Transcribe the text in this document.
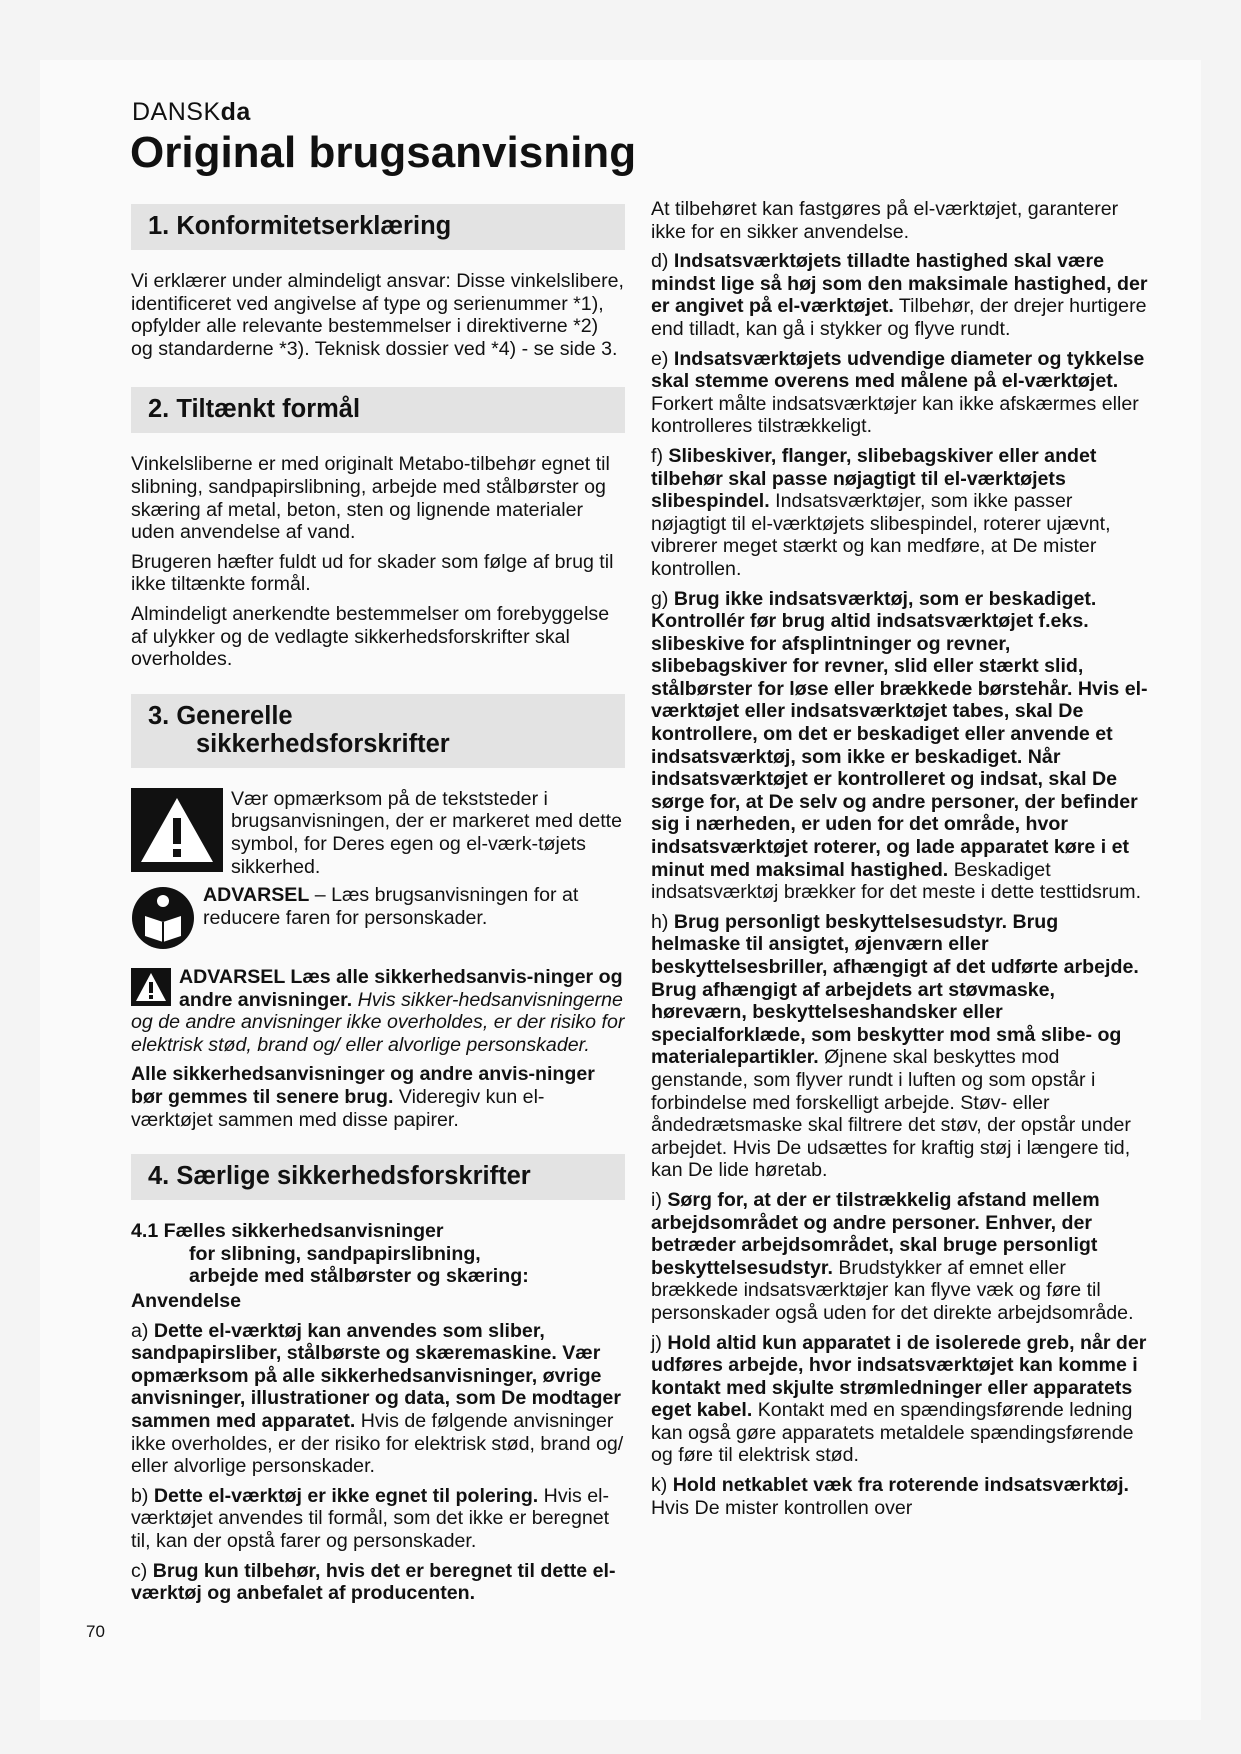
DANSKda
Original brugsanvisning
1. Konformitetserklæring

Vi erklærer under almindeligt ansvar: Disse vinkelslibere, identificeret ved angivelse af type og serienummer *1), opfylder alle relevante bestemmelser i direktiverne *2) og standarderne *3). Teknisk dossier ved *4) - se side 3.

2. Tiltænkt formål

Vinkelsliberne er med originalt Metabo-tilbehør egnet til slibning, sandpapirslibning, arbejde med stålbørster og skæring af metal, beton, sten og lignende materialer uden anvendelse af vand.

Brugeren hæfter fuldt ud for skader som følge af brug til ikke tiltænkte formål.

Almindeligt anerkendte bestemmelser om forebyggelse af ulykker og de vedlagte sikkerhedsforskrifter skal overholdes.

3. Generelle
sikkerhedsforskrifter
Vær opmærksom på de tekststeder i brugsanvisningen, der er markeret med dette symbol, for Deres egen og el-værk-tøjets sikkerhed.
ADVARSEL – Læs brugsanvisningen for at reducere faren for personskader.

ADVARSEL Læs alle sikkerhedsanvis-ninger og andre anvisninger. Hvis sikker-hedsanvisningerne og de andre anvisninger ikke overholdes, er der risiko for elektrisk stød, brand og/ eller alvorlige personskader.

Alle sikkerhedsanvisninger og andre anvis-ninger bør gemmes til senere brug. Videregiv kun el-værktøjet sammen med disse papirer.

4. Særlige sikkerhedsforskrifter
4.1 Fælles sikkerhedsanvisninger
for slibning, sandpapirslibning,
arbejde med stålbørster og skæring:

Anvendelse

a) Dette el-værktøj kan anvendes som sliber, sandpapirsliber, stålbørste og skæremaskine. Vær opmærksom på alle sikkerhedsanvisninger, øvrige anvisninger, illustrationer og data, som De modtager sammen med apparatet. Hvis de følgende anvisninger ikke overholdes, er der risiko for elektrisk stød, brand og/ eller alvorlige personskader.

b) Dette el-værktøj er ikke egnet til polering. Hvis el-værktøjet anvendes til formål, som det ikke er beregnet til, kan der opstå farer og personskader.

c) Brug kun tilbehør, hvis det er beregnet til dette el-værktøj og anbefalet af producenten.

At tilbehøret kan fastgøres på el-værktøjet, garanterer ikke for en sikker anvendelse.

d) Indsatsværktøjets tilladte hastighed skal være mindst lige så høj som den maksimale hastighed, der er angivet på el-værktøjet. Tilbehør, der drejer hurtigere end tilladt, kan gå i stykker og flyve rundt.

e) Indsatsværktøjets udvendige diameter og tykkelse skal stemme overens med målene på el-værktøjet. Forkert målte indsatsværktøjer kan ikke afskærmes eller kontrolleres tilstrækkeligt.

f) Slibeskiver, flanger, slibebagskiver eller andet tilbehør skal passe nøjagtigt til el-værktøjets slibespindel. Indsatsværktøjer, som ikke passer nøjagtigt til el-værktøjets slibespindel, roterer ujævnt, vibrerer meget stærkt og kan medføre, at De mister kontrollen.

g) Brug ikke indsatsværktøj, som er beskadiget. Kontrollér før brug altid indsatsværktøjet f.eks. slibeskive for afsplintninger og revner, slibebagskiver for revner, slid eller stærkt slid, stålbørster for løse eller brækkede børstehår. Hvis el-værktøjet eller indsatsværktøjet tabes, skal De kontrollere, om det er beskadiget eller anvende et indsatsværktøj, som ikke er beskadiget. Når indsatsværktøjet er kontrolleret og indsat, skal De sørge for, at De selv og andre personer, der befinder sig i nærheden, er uden for det område, hvor indsatsværktøjet roterer, og lade apparatet køre i et minut med maksimal hastighed. Beskadiget indsatsværktøj brækker for det meste i dette testtidsrum.

h) Brug personligt beskyttelsesudstyr. Brug helmaske til ansigtet, øjenværn eller beskyttelsesbriller, afhængigt af det udførte arbejde. Brug afhængigt af arbejdets art støvmaske, høreværn, beskyttelseshandsker eller specialforklæde, som beskytter mod små slibe- og materialepartikler. Øjnene skal beskyttes mod genstande, som flyver rundt i luften og som opstår i forbindelse med forskelligt arbejde. Støv- eller åndedrætsmaske skal filtrere det støv, der opstår under arbejdet. Hvis De udsættes for kraftig støj i længere tid, kan De lide høretab.

i) Sørg for, at der er tilstrækkelig afstand mellem arbejdsområdet og andre personer. Enhver, der betræder arbejdsområdet, skal bruge personligt beskyttelsesudstyr. Brudstykker af emnet eller brækkede indsatsværktøjer kan flyve væk og føre til personskader også uden for det direkte arbejdsområde.

j) Hold altid kun apparatet i de isolerede greb, når der udføres arbejde, hvor indsatsværktøjet kan komme i kontakt med skjulte strømledninger eller apparatets eget kabel. Kontakt med en spændingsførende ledning kan også gøre apparatets metaldele spændingsførende og føre til elektrisk stød.

k) Hold netkablet væk fra roterende indsatsværktøj. Hvis De mister kontrollen over

70
